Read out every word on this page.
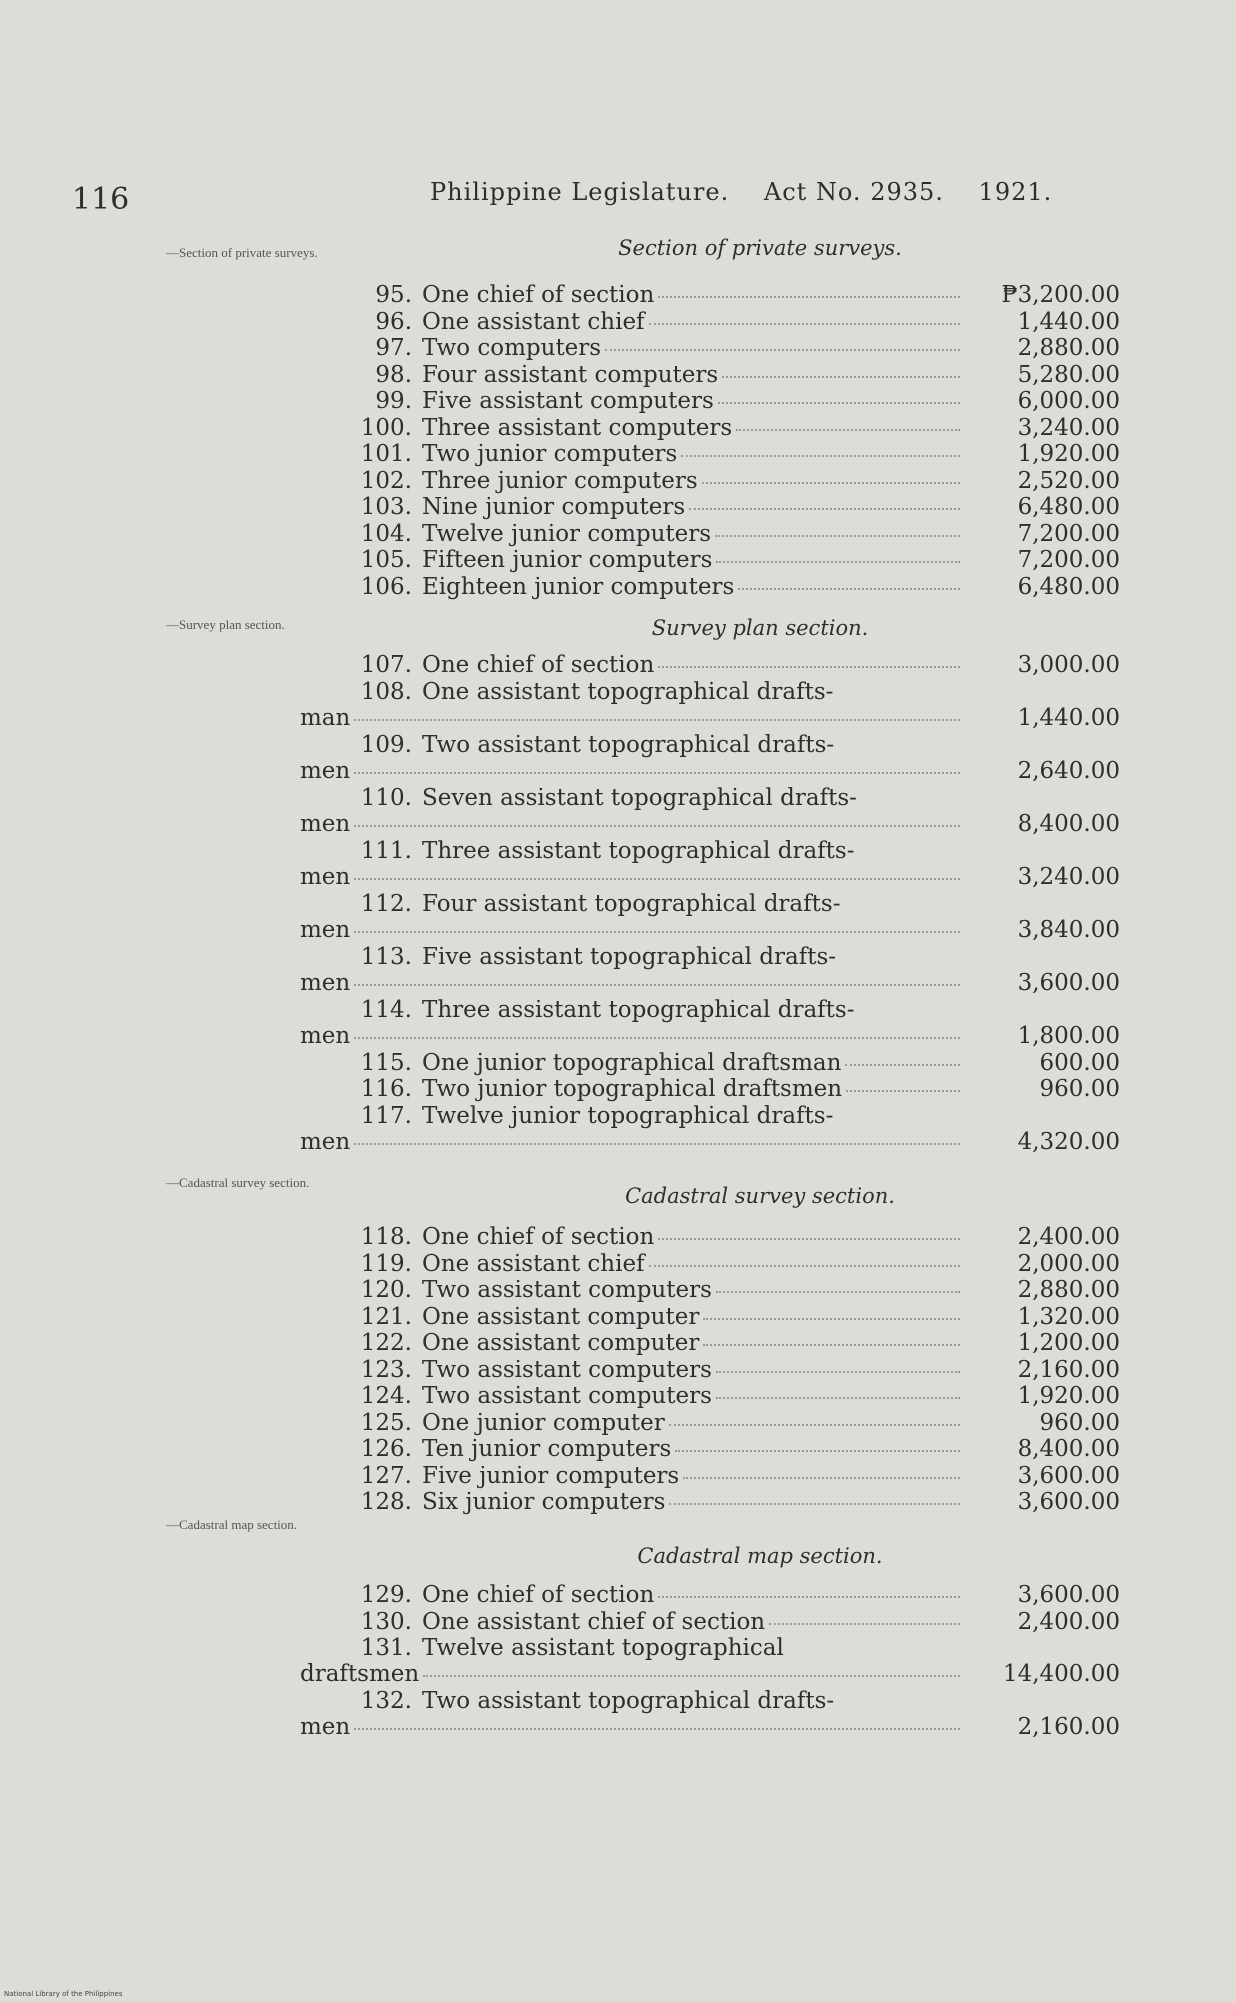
116	Philippine Legislature. Act No. 2935. 1921.
—Section of private surveys.	Section of private surveys.
95. One chief of section	₱3,200.00
96. One assistant chief	1,440.00
97. Two computers	2,880.00
98. Four assistant computers	5,280.00
99. Five assistant computers	6,000.00
100. Three assistant computers	3,240.00
101. Two junior computers	1,920.00
102. Three junior computers	2,520.00
103. Nine junior computers	6,480.00
104. Twelve junior computers	7,200.00
105. Fifteen junior computers	7,200.00
106. Eighteen junior computers	6,480.00
—Survey plan section.	Survey plan section.
107. One chief of section	3,000.00
108. One assistant topographical drafts-
man	1,440.00
109. Two assistant topographical drafts-
men	2,640.00
110. Seven assistant topographical drafts-
men	8,400.00
111. Three assistant topographical drafts-
men	3,240.00
112. Four assistant topographical drafts-
men	3,840.00
113. Five assistant topographical drafts-
men	3,600.00
114. Three assistant topographical drafts-
men	1,800.00
115. One junior topographical draftsman	600.00
116. Two junior topographical draftsmen	960.00
117. Twelve junior topographical drafts-
men	4,320.00
—Cadastral survey section.
Cadastral survey section.
118. One chief of section	2,400.00
119. One assistant chief	2,000.00
120. Two assistant computers	2,880.00
121. One assistant computer	1,320.00
122. One assistant computer	1,200.00
123. Two assistant computers	2,160.00
124. Two assistant computers	1,920.00
125. One junior computer	960.00
126. Ten junior computers	8,400.00
127. Five junior computers	3,600.00
128. Six junior computers	3,600.00
—Cadastral map section.
Cadastral map section.
129. One chief of section	3,600.00
130. One assistant chief of section	2,400.00
131. Twelve assistant topographical
draftsmen	14,400.00
132. Two assistant topographical drafts-
men	2,160.00
National Library of the Philippines
